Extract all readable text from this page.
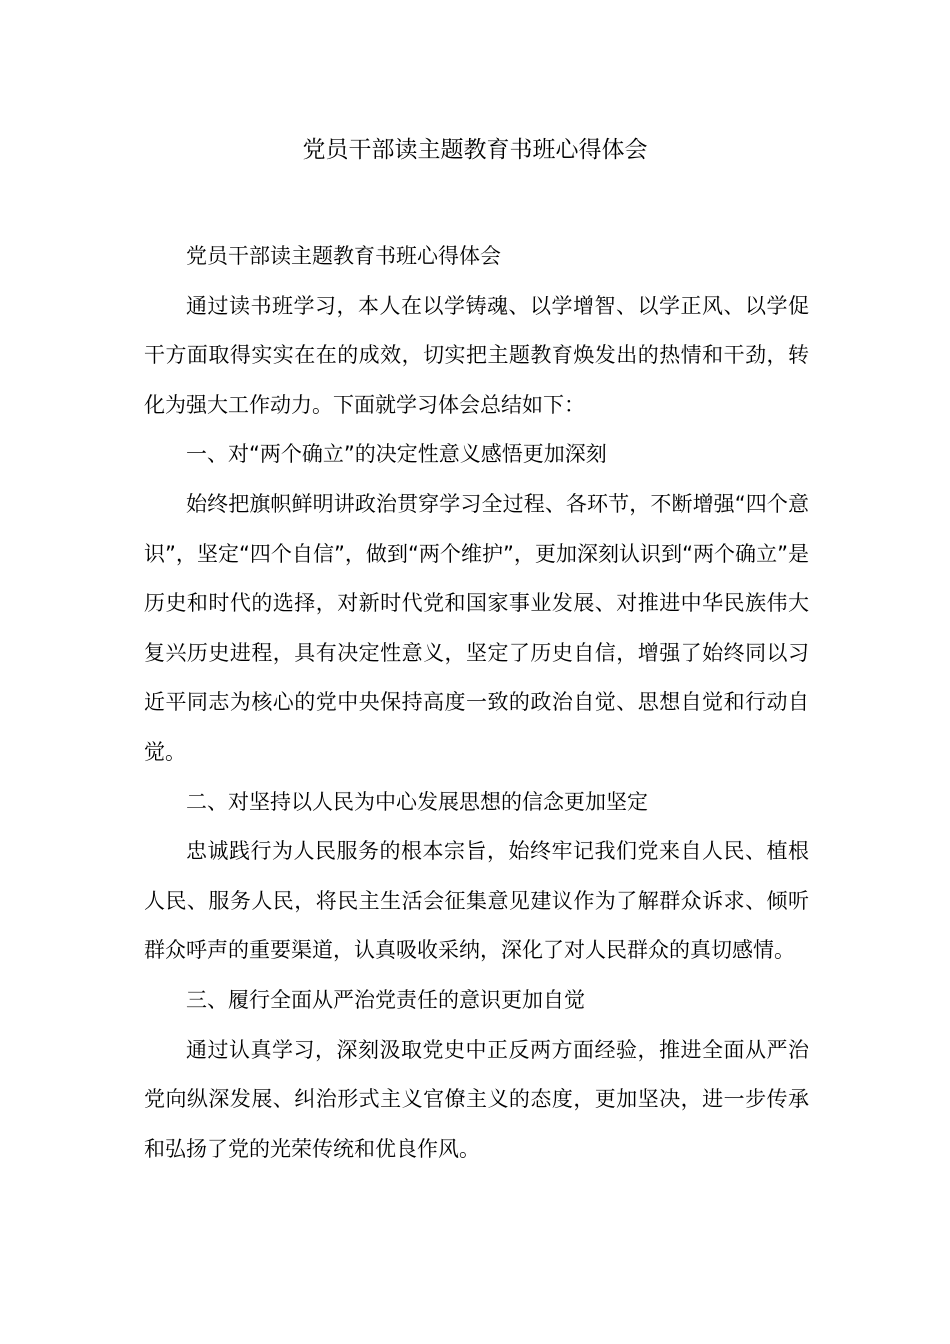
党员干部读主题教育书班心得体会

党员干部读主题教育书班心得体会

通过读书班学习，本人在以学铸魂、以学增智、以学正风、以学促干方面取得实实在在的成效，切实把主题教育焕发出的热情和干劲，转化为强大工作动力。下面就学习体会总结如下：

一、对“两个确立”的决定性意义感悟更加深刻

始终把旗帜鲜明讲政治贯穿学习全过程、各环节，不断增强“四个意识”，坚定“四个自信”，做到“两个维护”，更加深刻认识到“两个确立”是历史和时代的选择，对新时代党和国家事业发展、对推进中华民族伟大复兴历史进程，具有决定性意义，坚定了历史自信，增强了始终同以习近平同志为核心的党中央保持高度一致的政治自觉、思想自觉和行动自觉。

二、对坚持以人民为中心发展思想的信念更加坚定

忠诚践行为人民服务的根本宗旨，始终牢记我们党来自人民、植根人民、服务人民，将民主生活会征集意见建议作为了解群众诉求、倾听群众呼声的重要渠道，认真吸收采纳，深化了对人民群众的真切感情。

三、履行全面从严治党责任的意识更加自觉

通过认真学习，深刻汲取党史中正反两方面经验，推进全面从严治党向纵深发展、纠治形式主义官僚主义的态度，更加坚决，进一步传承和弘扬了党的光荣传统和优良作风。
